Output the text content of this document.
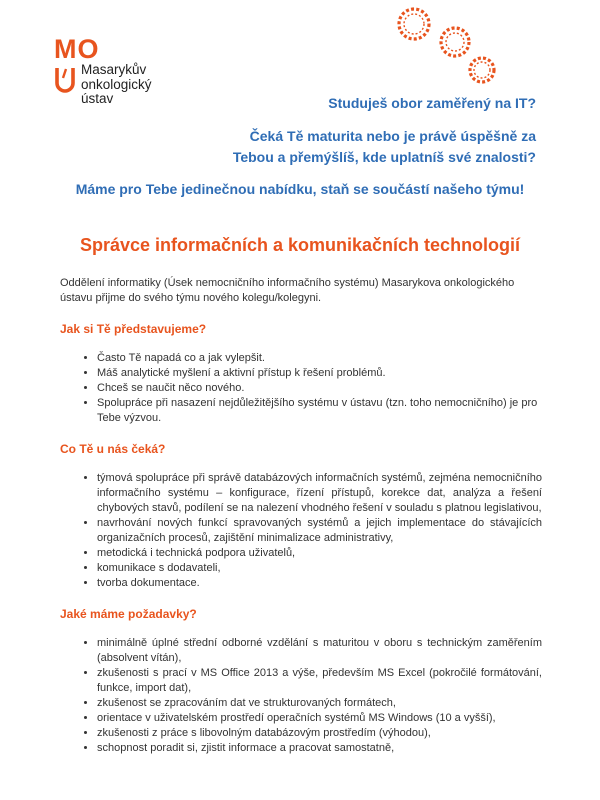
MO
Masarykův
onkologický
ústav	Studuješ obor zaměřený na IT?

Čeká Tě maturita nebo je právě úspěšně za
Tebou a přemýšlíš, kde uplatníš své znalosti?

Máme pro Tebe jedinečnou nabídku, staň se součástí našeho týmu!
Správce informačních a komunikačních technologií

Oddělení informatiky (Úsek nemocničního informačního systému) Masarykova onkologického ústavu přijme do svého týmu nového kolegu/kolegyni.

Jak si Tě představujeme?
• Často Tě napadá co a jak vylepšit.
• Máš analytické myšlení a aktivní přístup k řešení problémů.
• Chceš se naučit něco nového.
• Spolupráce při nasazení nejdůležitějšího systému v ústavu (tzn. toho nemocničního) je pro Tebe výzvou.
Co Tě u nás čeká?
• týmová spolupráce při správě databázových informačních systémů, zejména nemocničního informačního systému – konfigurace, řízení přístupů, korekce dat, analýza a řešení chybových stavů, podílení se na nalezení vhodného řešení v souladu s platnou legislativou,
• navrhování nových funkcí spravovaných systémů a jejich implementace do stávajících organizačních procesů, zajištění minimalizace administrativy,
• metodická i technická podpora uživatelů,
• komunikace s dodavateli,
• tvorba dokumentace.
Jaké máme požadavky?
• minimálně úplné střední odborné vzdělání s maturitou v oboru s technickým zaměřením (absolvent vítán),
• zkušenosti s prací v MS Office 2013 a výše, především MS Excel (pokročilé formátování, funkce, import dat),
• zkušenost se zpracováním dat ve strukturovaných formátech,
• orientace v uživatelském prostředí operačních systémů MS Windows (10 a vyšší),
• zkušenosti z práce s libovolným databázovým prostředím (výhodou),
• schopnost poradit si, zjistit informace a pracovat samostatně,
